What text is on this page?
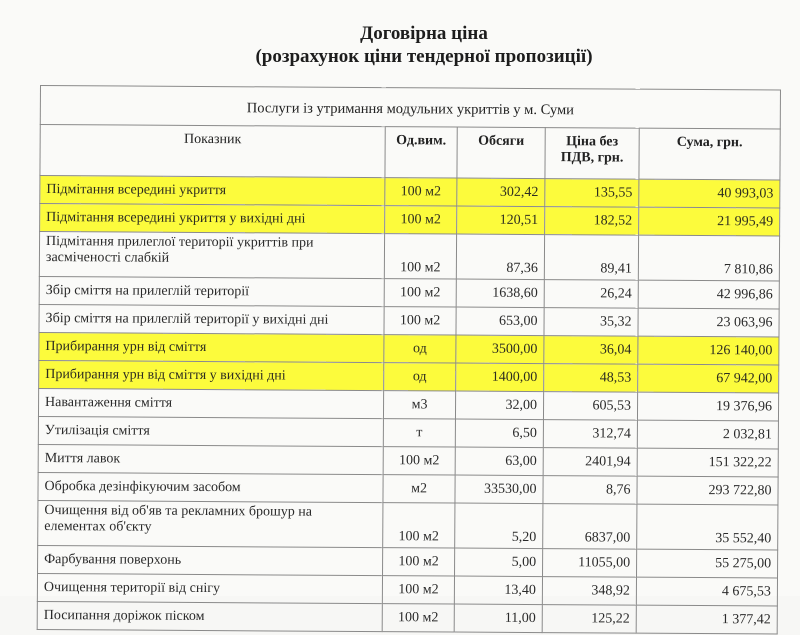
Договірна ціна
(розрахунок ціни тендерної пропозиції)
Послуги із утримання модульних укриттів у м. Суми				
Показник	Од.вим.	Обсяги	Ціна без ПДВ, грн.	Сума, грн.
Підмітання всередині укриття	100 м2	302,42	135,55	40 993,03
Підмітання всередині укриття у вихідні дні	100 м2	120,51	182,52	21 995,49
Підмітання прилеглої території укриттів при засміченості слабкій	100 м2	87,36	89,41	7 810,86
Збір сміття на прилеглій території	100 м2	1638,60	26,24	42 996,86
Збір сміття на прилеглій території у вихідні дні	100 м2	653,00	35,32	23 063,96
Прибирання урн від сміття	од	3500,00	36,04	126 140,00
Прибирання урн від сміття у вихідні дні	од	1400,00	48,53	67 942,00
Навантаження сміття	м3	32,00	605,53	19 376,96
Утилізація сміття	т	6,50	312,74	2 032,81
Миття лавок	100 м2	63,00	2401,94	151 322,22
Обробка дезінфікуючим засобом	м2	33530,00	8,76	293 722,80
Очищення від об'яв та рекламних брошур на елементах об'єкту	100 м2	5,20	6837,00	35 552,40
Фарбування поверхонь	100 м2	5,00	11055,00	55 275,00
Очищення території від снігу	100 м2	13,40	348,92	4 675,53
Посипання доріжок піском	100 м2	11,00	125,22	1 377,42
